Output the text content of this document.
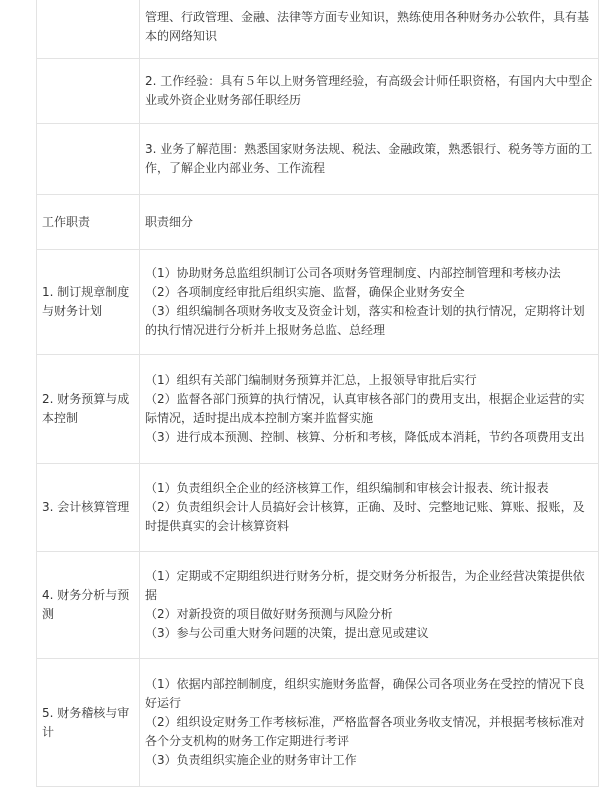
	管理、行政管理、金融、法律等方面专业知识，熟练使用各种财务办公软件，具有基本的网络知识

	2. 工作经验：具有５年以上财务管理经验，有高级会计师任职资格，有国内大中型企业或外资企业财务部任职经历

	3. 业务了解范围：熟悉国家财务法规、税法、金融政策，熟悉银行、税务等方面的工作，了解企业内部业务、工作流程

工作职责	职责细分
1. 制订规章制度与财务计划	（1）协助财务总监组织制订公司各项财务管理制度、内部控制管理和考核办法
（2）各项制度经审批后组织实施、监督，确保企业财务安全
（3）组织编制各项财务收支及资金计划，落实和检查计划的执行情况，定期将计划的执行情况进行分析并上报财务总监、总经理

2. 财务预算与成本控制	（1）组织有关部门编制财务预算并汇总，上报领导审批后实行
（2）监督各部门预算的执行情况，认真审核各部门的费用支出，根据企业运营的实际情况，适时提出成本控制方案并监督实施
（3）进行成本预测、控制、核算、分析和考核，降低成本消耗，节约各项费用支出

3. 会计核算管理	（1）负责组织全企业的经济核算工作，组织编制和审核会计报表、统计报表
（2）负责组织会计人员搞好会计核算，正确、及时、完整地记账、算账、报账，及时提供真实的会计核算资料

4. 财务分析与预测	（1）定期或不定期组织进行财务分析，提交财务分析报告，为企业经营决策提供依据
（2）对新投资的项目做好财务预测与风险分析
（3）参与公司重大财务问题的决策，提出意见或建议

5. 财务稽核与审计	（1）依据内部控制制度，组织实施财务监督，确保公司各项业务在受控的情况下良好运行
（2）组织设定财务工作考核标准，严格监督各项业务收支情况，并根据考核标准对各个分支机构的财务工作定期进行考评
（3）负责组织实施企业的财务审计工作
